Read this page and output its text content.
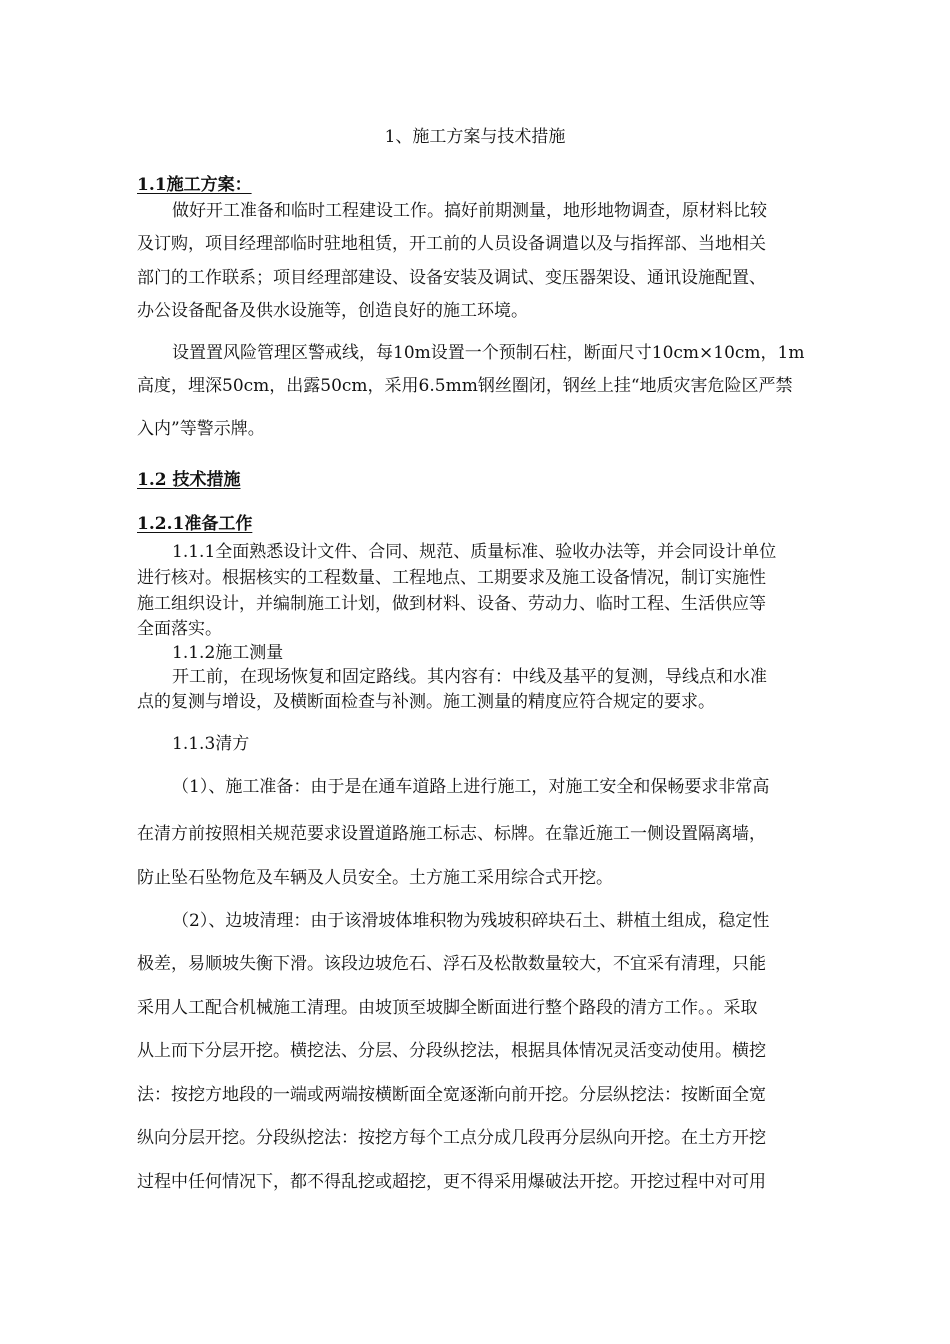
1、施工方案与技术措施
1.1施工方案：
做好开工准备和临时工程建设工作。搞好前期测量，地形地物调查，原材料比较
及订购，项目经理部临时驻地租赁，开工前的人员设备调遣以及与指挥部、当地相关
部门的工作联系；项目经理部建设、设备安装及调试、变压器架设、通讯设施配置、
办公设备配备及供水设施等，创造良好的施工环境。
设置置风险管理区警戒线，每10m设置一个预制石柱，断面尺寸10cm×10cm，1m
高度，埋深50cm，出露50cm，采用6.5mm钢丝圈闭，钢丝上挂“地质灾害危险区严禁
入内”等警示牌。
1.2 技术措施
1.2.1准备工作
1.1.1全面熟悉设计文件、合同、规范、质量标准、验收办法等，并会同设计单位
进行核对。根据核实的工程数量、工程地点、工期要求及施工设备情况，制订实施性
施工组织设计，并编制施工计划，做到材料、设备、劳动力、临时工程、生活供应等
全面落实。
1.1.2施工测量
开工前，在现场恢复和固定路线。其内容有：中线及基平的复测，导线点和水准
点的复测与增设，及横断面检查与补测。施工测量的精度应符合规定的要求。
1.1.3清方
（1）、施工准备：由于是在通车道路上进行施工，对施工安全和保畅要求非常高
在清方前按照相关规范要求设置道路施工标志、标牌。在靠近施工一侧设置隔离墙，
防止坠石坠物危及车辆及人员安全。土方施工采用综合式开挖。
（2）、边坡清理：由于该滑坡体堆积物为残坡积碎块石土、耕植土组成，稳定性
极差，易顺坡失衡下滑。该段边坡危石、浮石及松散数量较大，不宜采有清理，只能
采用人工配合机械施工清理。由坡顶至坡脚全断面进行整个路段的清方工作。。采取
从上而下分层开挖。横挖法、分层、分段纵挖法，根据具体情况灵活变动使用。横挖
法：按挖方地段的一端或两端按横断面全宽逐渐向前开挖。分层纵挖法：按断面全宽
纵向分层开挖。分段纵挖法：按挖方每个工点分成几段再分层纵向开挖。在土方开挖
过程中任何情况下，都不得乱挖或超挖，更不得采用爆破法开挖。开挖过程中对可用
